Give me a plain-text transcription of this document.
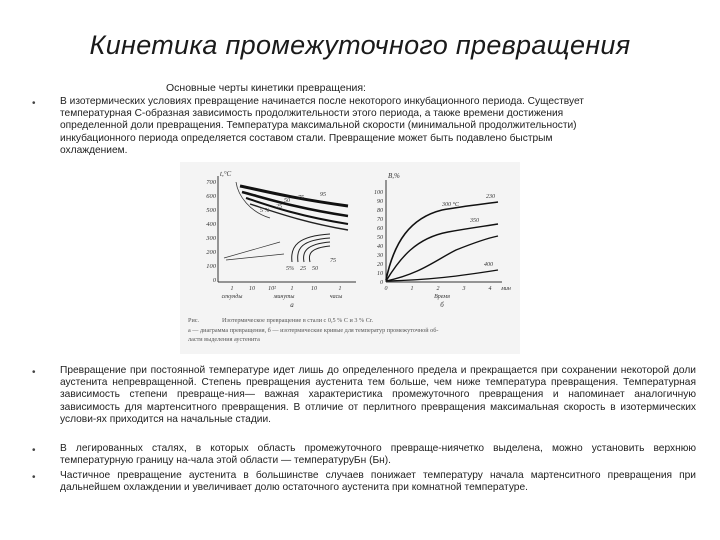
Кинетика промежуточного превращения
Основные черты кинетики превращения:
• В изотермических условиях превращение начинается после некоторого инкубационного периода. Существует
температурная С-образная зависимость продолжительности этого периода, а также времени достижения
определенной доли превращения. Температура максимальной скорости (минимальной продолжительности)
инкубационного периода определяется составом стали. Превращение может быть подавлено быстрым
охлаждением.
t,°C
700
600
500
400
300
200
100
0
5 %
25
50 75	95
5% 25 50
75
1	10 10² 1	10	1
секунды	минуты	часы
а
В,%
100
90
80
70
60
50
40
30
20
10
0
300 °C
230
350
400
0	1	2	3	4 мин
Время
б
Рис.	Изотермическое превращение в стали с 0,5 % С и 3 % Сr.
а — диаграмма превращения, б — изотермические кривые для температур промежуточной об-
ласти выделения аустенита
• Превращение при постоянной температуре идет лишь до определенного предела и прекращается при сохранении некоторой доли аустенита непревращенной. Степень превращения аустенита тем больше, чем ниже температура превращения. Температурная зависимость степени превраще-ния— важная характеристика промежуточного превращения и напоминает аналогичную зависимость для мартенситного превращения. В отличие от перлитного превращения максимальная скорость в изотермических услови-ях приходится на начальные стадии.
• В легированных сталях, в которых область промежуточного превраще-ниячетко выделена, можно установить верхнюю температурную границу на-чала этой области — температуруБн (Бн).
• Частичное превращение аустенита в большинстве случаев понижает температуру начала мартенситного превращения при дальнейшем охлаждении и увеличивает долю остаточного аустенита при комнатной температуре.
